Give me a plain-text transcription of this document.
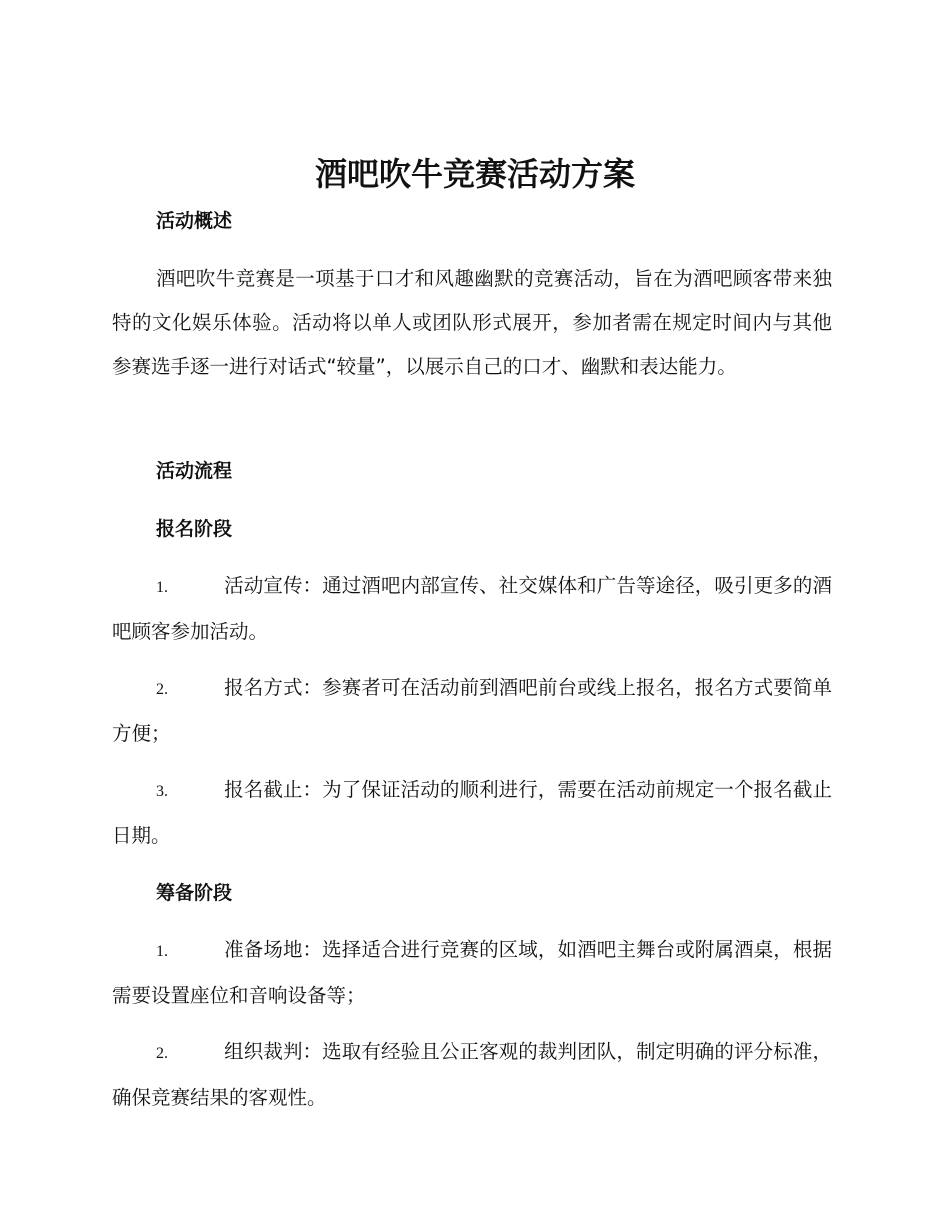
酒吧吹牛竞赛活动方案
活动概述

酒吧吹牛竞赛是一项基于口才和风趣幽默的竞赛活动，旨在为酒吧顾客带来独特的文化娱乐体验。活动将以单人或团队形式展开，参加者需在规定时间内与其他参赛选手逐一进行对话式“较量”，以展示自己的口才、幽默和表达能力。

活动流程
报名阶段

1.	活动宣传：通过酒吧内部宣传、社交媒体和广告等途径，吸引更多的酒吧顾客参加活动。

2.	报名方式：参赛者可在活动前到酒吧前台或线上报名，报名方式要简单方便；

3.	报名截止：为了保证活动的顺利进行，需要在活动前规定一个报名截止日期。

筹备阶段

1.	准备场地：选择适合进行竞赛的区域，如酒吧主舞台或附属酒桌，根据需要设置座位和音响设备等；

2.	组织裁判：选取有经验且公正客观的裁判团队，制定明确的评分标准，确保竞赛结果的客观性。
